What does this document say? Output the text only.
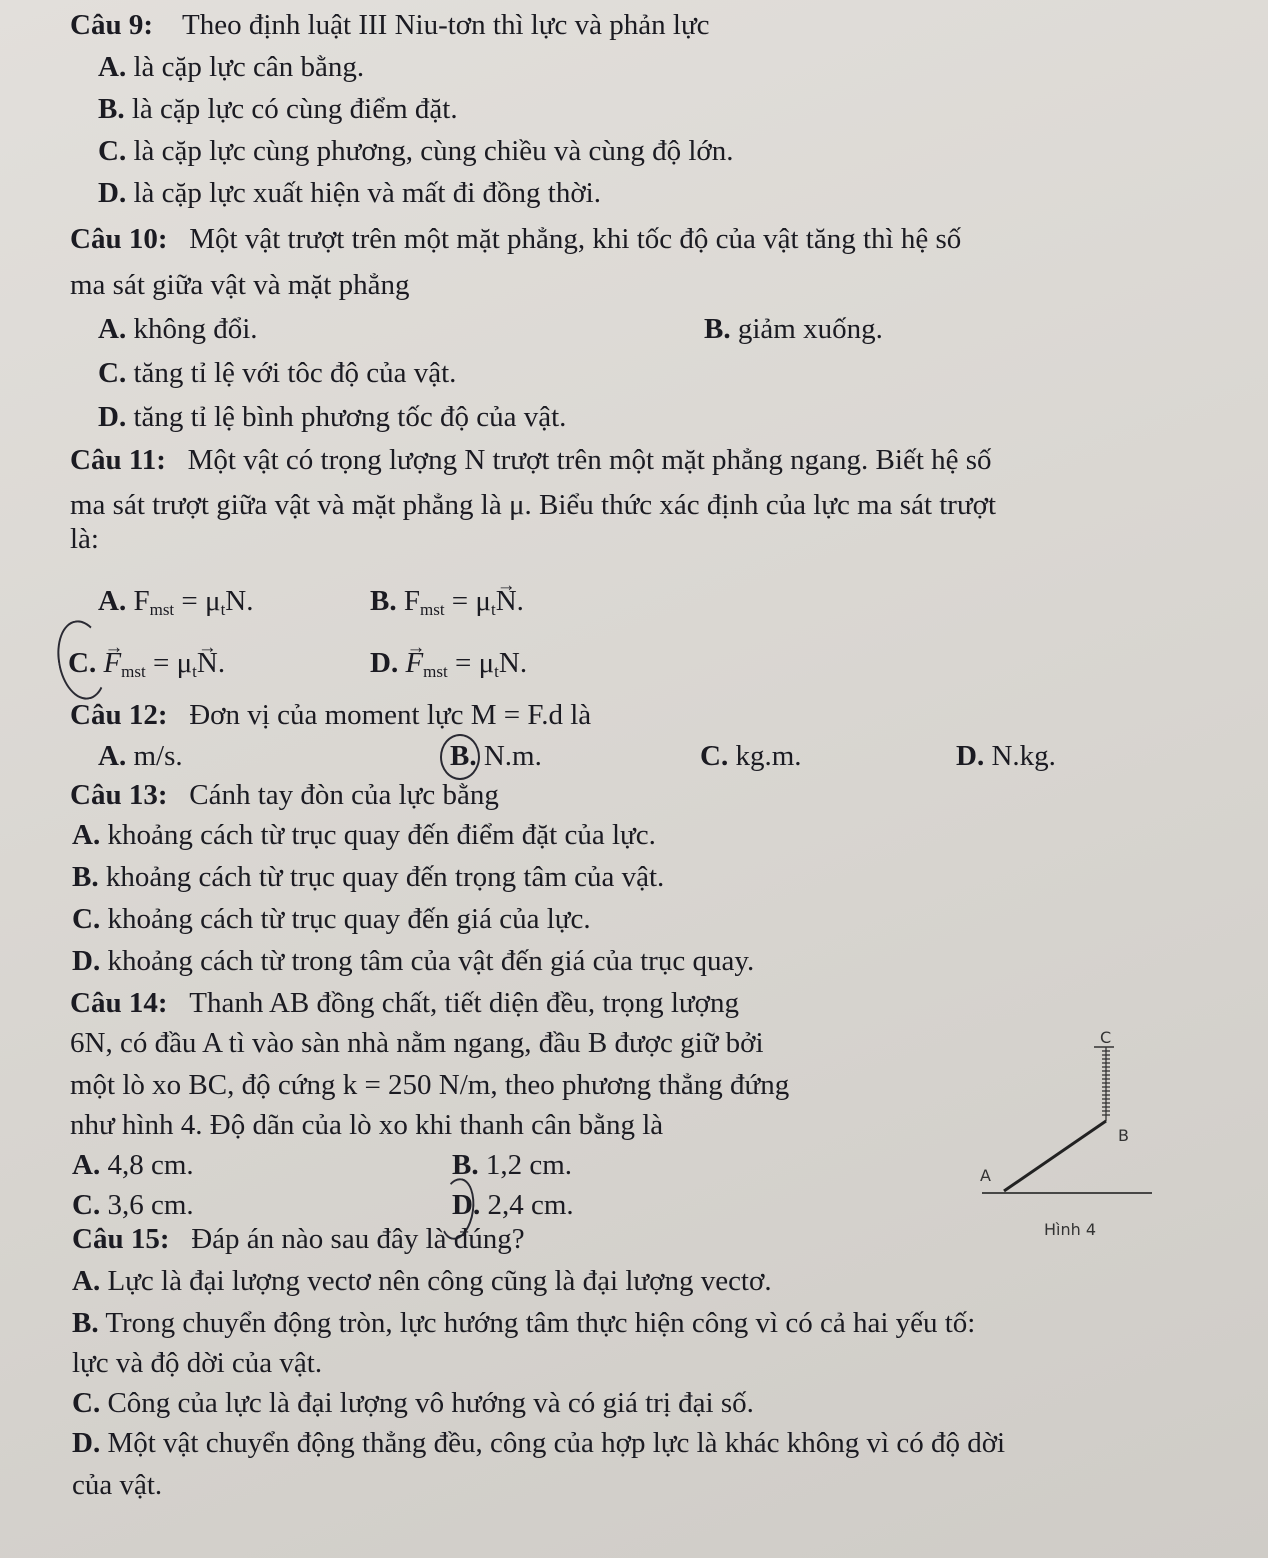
Câu 9: Theo định luật III Niu-tơn thì lực và phản lực
A. là cặp lực cân bằng.
B. là cặp lực có cùng điểm đặt.
C. là cặp lực cùng phương, cùng chiều và cùng độ lớn.
D. là cặp lực xuất hiện và mất đi đồng thời.
Câu 10: Một vật trượt trên một mặt phẳng, khi tốc độ của vật tăng thì hệ số
ma sát giữa vật và mặt phẳng
A. không đổi.	B. giảm xuống.
C. tăng tỉ lệ với tôc độ của vật.
D. tăng tỉ lệ bình phương tốc độ của vật.
Câu 11: Một vật có trọng lượng N trượt trên một mặt phẳng ngang. Biết hệ số
ma sát trượt giữa vật và mặt phẳng là μ. Biểu thức xác định của lực ma sát trượt
là:
A. $F_{mst} = \mu_tN$.	B. $F_{mst} = \mu_t\to N$.
C. → $F_{mst} = \mu_t\to N$.	D. → $F_{mst} = \mu_tN$.
Câu 12: Đơn vị của moment lực M = F.d là
A. m/s.	B. N.m.	C. kg.m.	D. N.kg.
Câu 13: Cánh tay đòn của lực bằng
A. khoảng cách từ trục quay đến điểm đặt của lực.
B. khoảng cách từ trục quay đến trọng tâm của vật.
C. khoảng cách từ trục quay đến giá của lực.
D. khoảng cách từ trong tâm của vật đến giá của trục quay.
Câu 14: Thanh AB đồng chất, tiết diện đều, trọng lượng
6N, có đầu A tì vào sàn nhà nằm ngang, đầu B được giữ bởi
một lò xo BC, độ cứng k = 250 N/m, theo phương thẳng đứng
như hình 4. Độ dãn của lò xo khi thanh cân bằng là
A. 4,8 cm.	B. 1,2 cm.
C. 3,6 cm.	D. 2,4 cm.
C
B
A
Hình 4
Câu 15: Đáp án nào sau đây là đúng?
A. Lực là đại lượng vectơ nên công cũng là đại lượng vectơ.
B. Trong chuyển động tròn, lực hướng tâm thực hiện công vì có cả hai yếu tố:
lực và độ dời của vật.
C. Công của lực là đại lượng vô hướng và có giá trị đại số.
D. Một vật chuyển động thẳng đều, công của hợp lực là khác không vì có độ dời
của vật.
